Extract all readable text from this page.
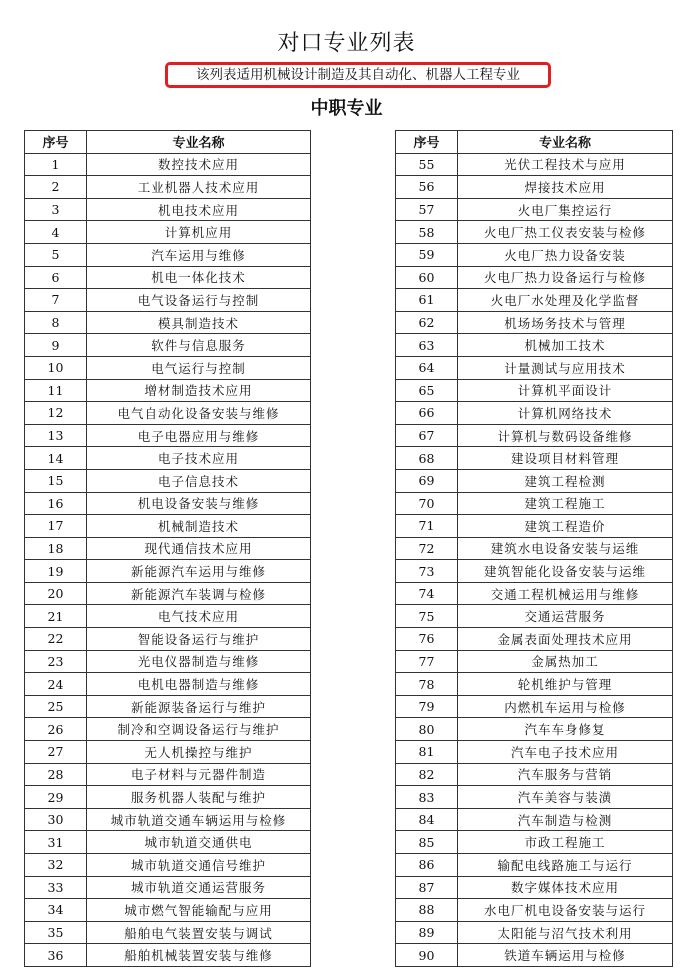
对口专业列表
该列表适用机械设计制造及其自动化、机器人工程专业
中职专业
序号	专业名称
1	数控技术应用
2	工业机器人技术应用
3	机电技术应用
4	计算机应用
5	汽车运用与维修
6	机电一体化技术
7	电气设备运行与控制
8	模具制造技术
9	软件与信息服务
10	电气运行与控制
11	增材制造技术应用
12	电气自动化设备安装与维修
13	电子电器应用与维修
14	电子技术应用
15	电子信息技术
16	机电设备安装与维修
17	机械制造技术
18	现代通信技术应用
19	新能源汽车运用与维修
20	新能源汽车装调与检修
21	电气技术应用
22	智能设备运行与维护
23	光电仪器制造与维修
24	电机电器制造与维修
25	新能源装备运行与维护
26	制冷和空调设备运行与维护
27	无人机操控与维护
28	电子材料与元器件制造
29	服务机器人装配与维护
30	城市轨道交通车辆运用与检修
31	城市轨道交通供电
32	城市轨道交通信号维护
33	城市轨道交通运营服务
34	城市燃气智能输配与应用
35	船舶电气装置安装与调试
36	船舶机械装置安装与维修
序号	专业名称
55	光伏工程技术与应用
56	焊接技术应用
57	火电厂集控运行
58	火电厂热工仪表安装与检修
59	火电厂热力设备安装
60	火电厂热力设备运行与检修
61	火电厂水处理及化学监督
62	机场场务技术与管理
63	机械加工技术
64	计量测试与应用技术
65	计算机平面设计
66	计算机网络技术
67	计算机与数码设备维修
68	建设项目材料管理
69	建筑工程检测
70	建筑工程施工
71	建筑工程造价
72	建筑水电设备安装与运维
73	建筑智能化设备安装与运维
74	交通工程机械运用与维修
75	交通运营服务
76	金属表面处理技术应用
77	金属热加工
78	轮机维护与管理
79	内燃机车运用与检修
80	汽车车身修复
81	汽车电子技术应用
82	汽车服务与营销
83	汽车美容与装潢
84	汽车制造与检测
85	市政工程施工
86	输配电线路施工与运行
87	数字媒体技术应用
88	水电厂机电设备安装与运行
89	太阳能与沼气技术利用
90	铁道车辆运用与检修
